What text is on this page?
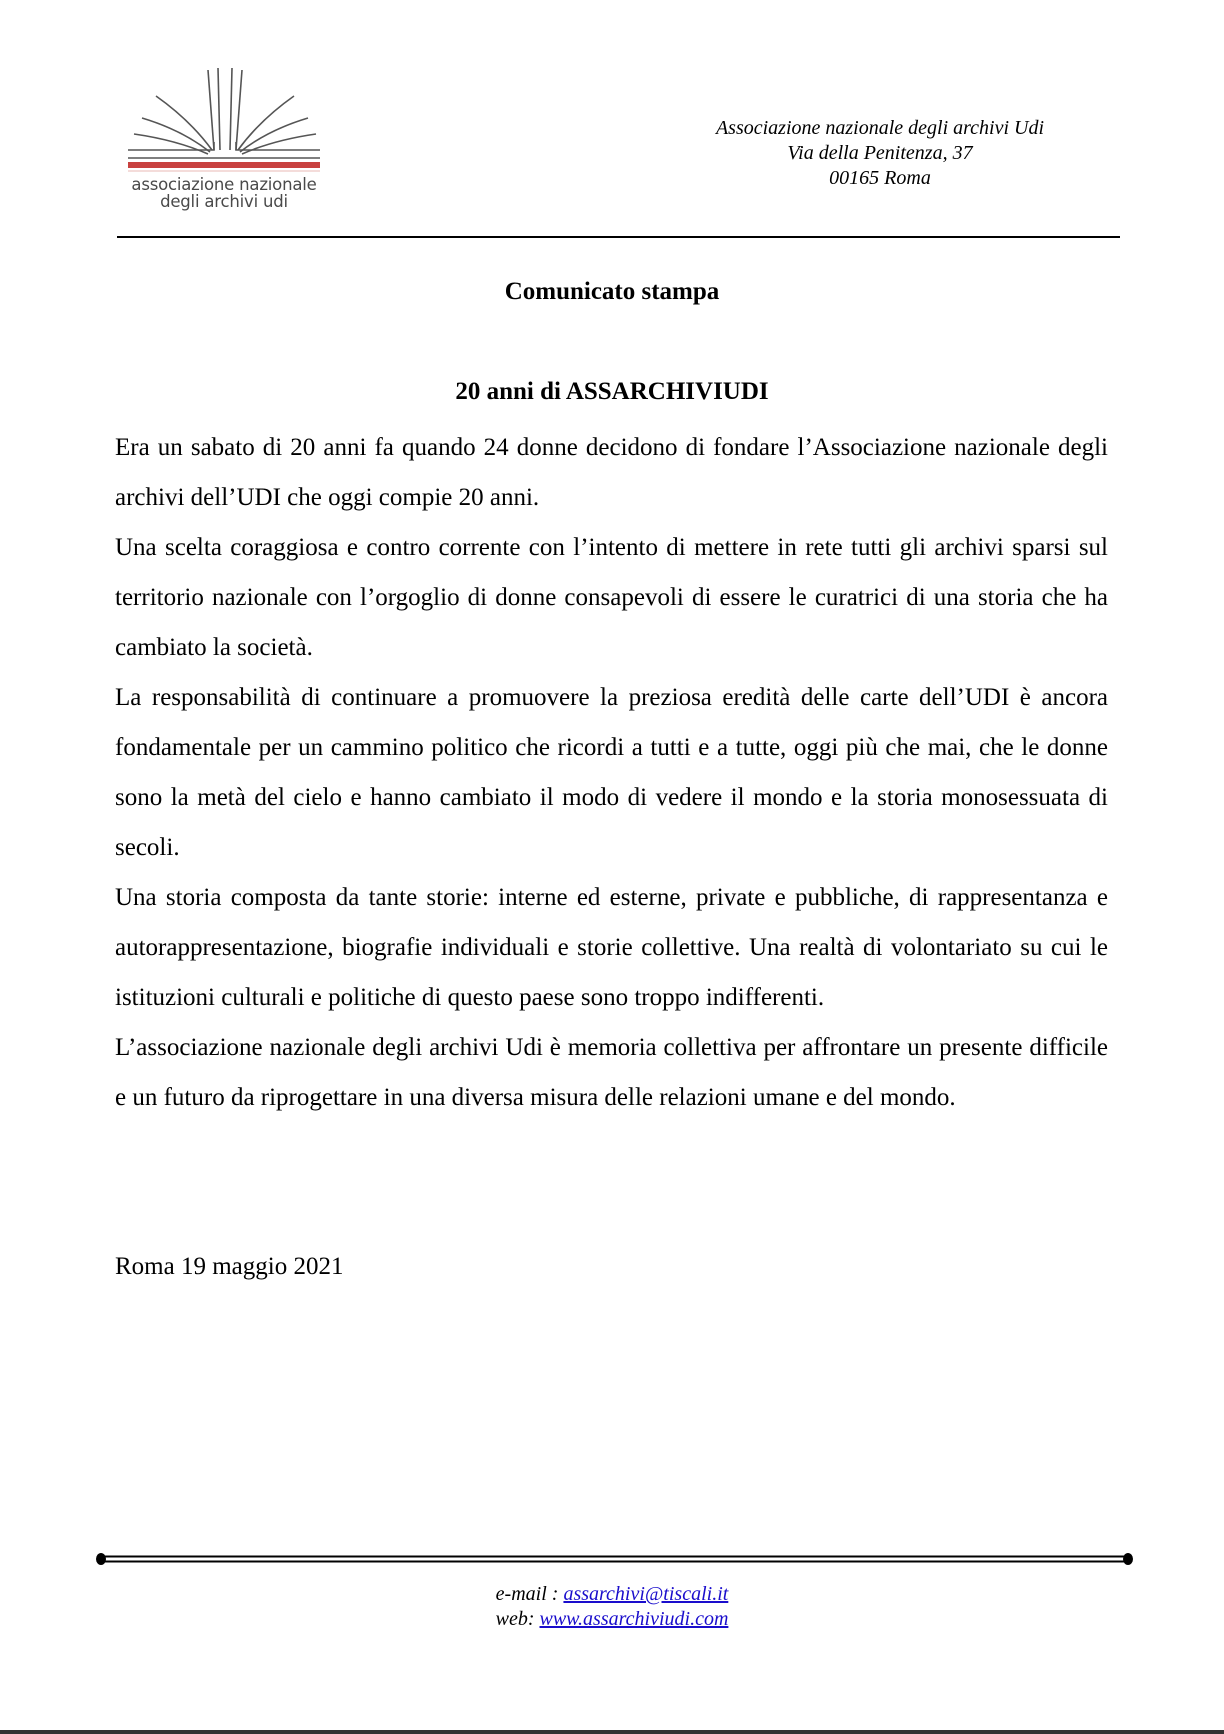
associazione nazionale
degli archivi udi
Associazione nazionale degli archivi Udi
Via della Penitenza, 37
00165 Roma
Comunicato stampa
20 anni di ASSARCHIVIUDI

Era un sabato di 20 anni fa quando 24 donne decidono di fondare l’Associazione nazionale degli archivi dell’UDI che oggi compie 20 anni.

Una scelta coraggiosa e contro corrente con l’intento di mettere in rete tutti gli archivi sparsi sul territorio nazionale con l’orgoglio di donne consapevoli di essere le curatrici di una storia che ha cambiato la società.

La responsabilità di continuare a promuovere la preziosa eredità delle carte dell’UDI è ancora fondamentale per un cammino politico che ricordi a tutti e a tutte, oggi più che mai, che le donne sono la metà del cielo e hanno cambiato il modo di vedere il mondo e la storia monosessuata di secoli.

Una storia composta da tante storie: interne ed esterne, private e pubbliche, di rappresentanza e autorappresentazione, biografie individuali e storie collettive. Una realtà di volontariato su cui le istituzioni culturali e politiche di questo paese sono troppo indifferenti.

L’associazione nazionale degli archivi Udi è memoria collettiva per affrontare un presente difficile e un futuro da riprogettare in una diversa misura delle relazioni umane e del mondo.

Roma 19 maggio 2021
e-mail : assarchivi@tiscali.it
web: www.assarchiviudi.com
